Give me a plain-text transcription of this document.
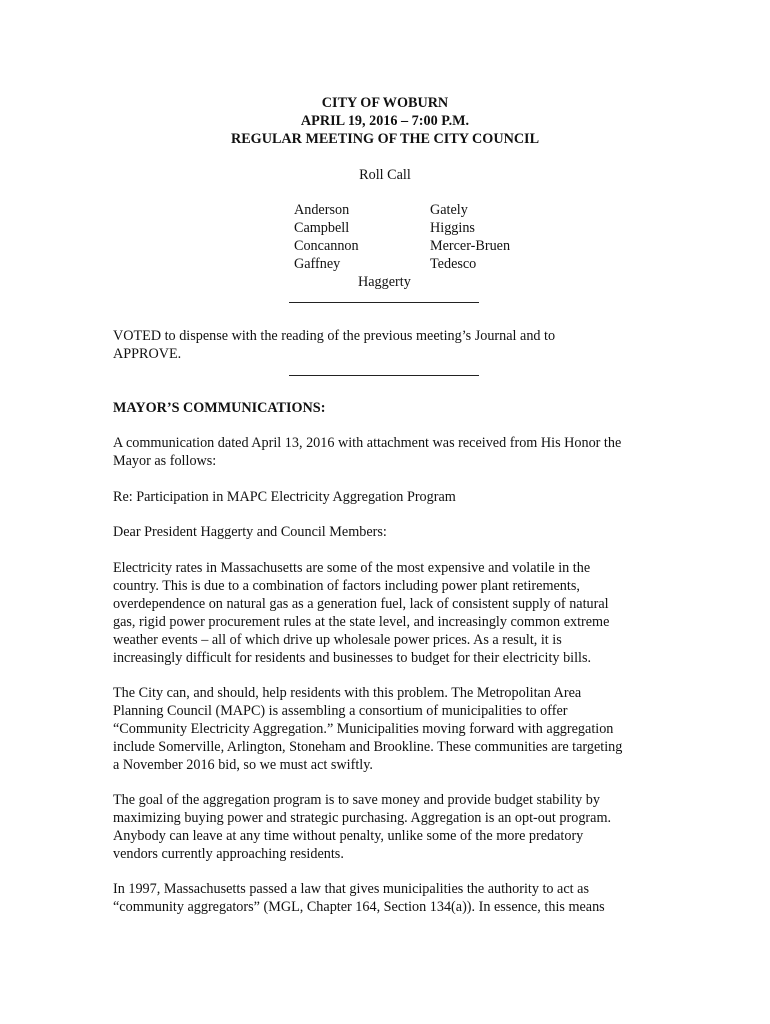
CITY OF WOBURN
APRIL 19, 2016 – 7:00 P.M.
REGULAR MEETING OF THE CITY COUNCIL
Roll Call
Anderson
Campbell
Concannon
Gaffney
Gately
Higgins
Mercer-Bruen
Tedesco
Haggerty
VOTED to dispense with the reading of the previous meeting’s Journal and to
APPROVE.
MAYOR’S COMMUNICATIONS:
A communication dated April 13, 2016 with attachment was received from His Honor the
Mayor as follows:
Re: Participation in MAPC Electricity Aggregation Program
Dear President Haggerty and Council Members:
Electricity rates in Massachusetts are some of the most expensive and volatile in the
country. This is due to a combination of factors including power plant retirements,
overdependence on natural gas as a generation fuel, lack of consistent supply of natural
gas, rigid power procurement rules at the state level, and increasingly common extreme
weather events – all of which drive up wholesale power prices. As a result, it is
increasingly difficult for residents and businesses to budget for their electricity bills.
The City can, and should, help residents with this problem. The Metropolitan Area
Planning Council (MAPC) is assembling a consortium of municipalities to offer
“Community Electricity Aggregation.” Municipalities moving forward with aggregation
include Somerville, Arlington, Stoneham and Brookline. These communities are targeting
a November 2016 bid, so we must act swiftly.
The goal of the aggregation program is to save money and provide budget stability by
maximizing buying power and strategic purchasing. Aggregation is an opt-out program.
Anybody can leave at any time without penalty, unlike some of the more predatory
vendors currently approaching residents.
In 1997, Massachusetts passed a law that gives municipalities the authority to act as
“community aggregators” (MGL, Chapter 164, Section 134(a)). In essence, this means
